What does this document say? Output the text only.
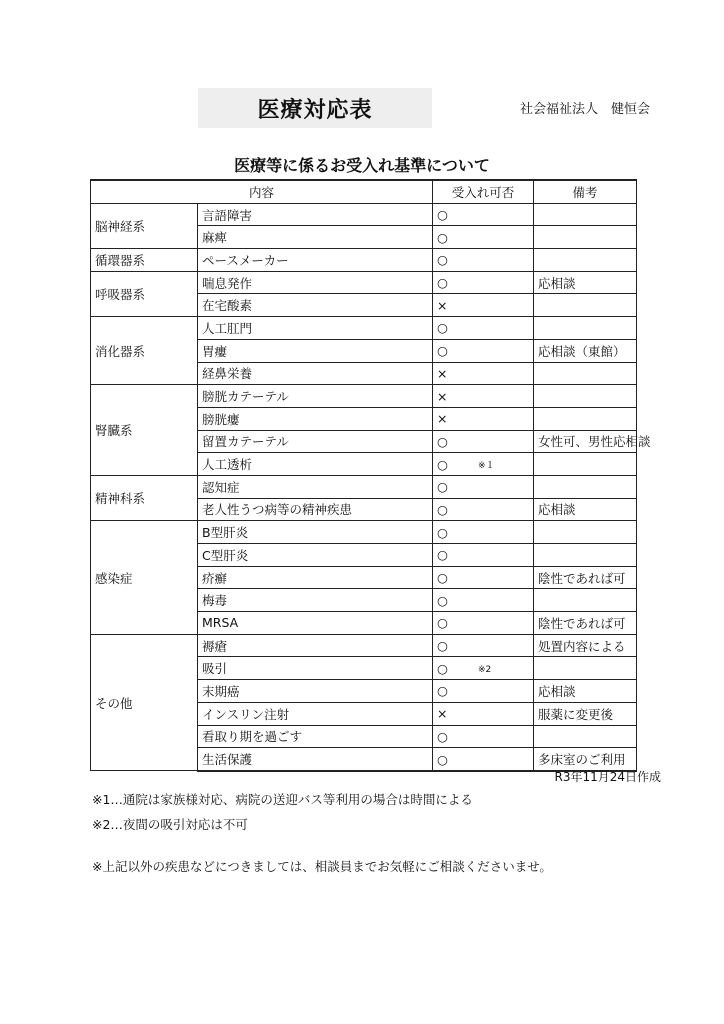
医療対応表	社会福祉法人　健恒会
医療等に係るお受入れ基準について
内容		受入れ可否	備考
脳神経系	言語障害	○	
	麻痺	○	
循環器系	ペースメーカー	○	
呼吸器系	喘息発作	○	応相談
	在宅酸素	×	
消化器系	人工肛門	○	
	胃瘻	○	応相談（東館）
	経鼻栄養	×	
腎臓系	膀胱カテーテル	×	
	膀胱瘻	×	
	留置カテーテル	○	女性可、男性応相談
	人工透析	○ ※１	
精神科系	認知症	○	
	老人性うつ病等の精神疾患	○	応相談
感染症	B型肝炎	○	
	C型肝炎	○	
	疥癬	○	陰性であれば可
	梅毒	○	
	MRSA	○	陰性であれば可
その他	褥瘡	○	処置内容による
	吸引	○ ※2	
	末期癌	○	応相談
	インスリン注射	×	服薬に変更後
	看取り期を過ごす	○	
	生活保護	○	多床室のご利用
R3年11月24日作成
※1…通院は家族様対応、病院の送迎バス等利用の場合は時間による
※2…夜間の吸引対応は不可
※上記以外の疾患などにつきましては、相談員までお気軽にご相談くださいませ。
